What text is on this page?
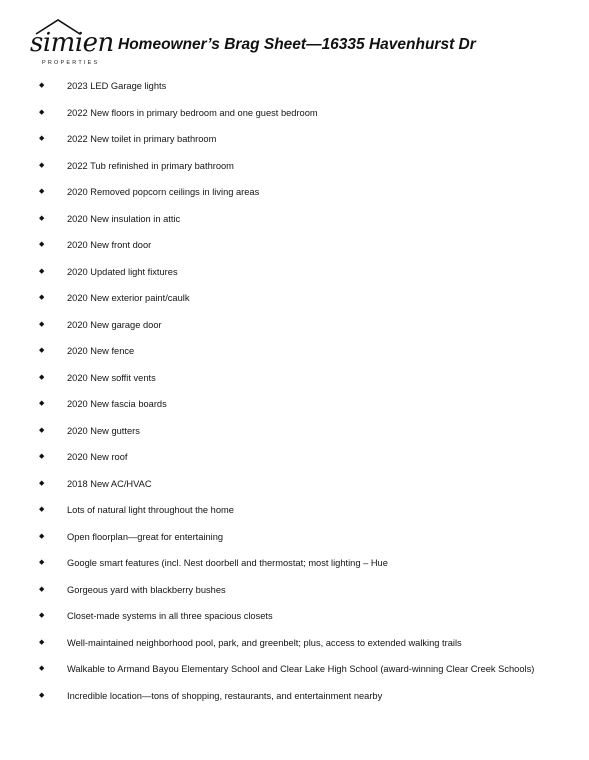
simien
PROPERTIES
Homeowner’s Brag Sheet—16335 Havenhurst Dr
◆	2023 LED Garage lights
◆	2022 New floors in primary bedroom and one guest bedroom
◆	2022 New toilet in primary bathroom
◆	2022 Tub refinished in primary bathroom
◆	2020 Removed popcorn ceilings in living areas
◆	2020 New insulation in attic
◆	2020 New front door
◆	2020 Updated light fixtures
◆	2020 New exterior paint/caulk
◆	2020 New garage door
◆	2020 New fence
◆	2020 New soffit vents
◆	2020 New fascia boards
◆	2020 New gutters
◆	2020 New roof
◆	2018 New AC/HVAC
◆	Lots of natural light throughout the home
◆	Open floorplan—great for entertaining
◆	Google smart features (incl. Nest doorbell and thermostat; most lighting – Hue
◆	Gorgeous yard with blackberry bushes
◆	Closet-made systems in all three spacious closets
◆	Well-maintained neighborhood pool, park, and greenbelt; plus, access to extended walking trails
◆	Walkable to Armand Bayou Elementary School and Clear Lake High School (award-winning Clear Creek Schools)
◆	Incredible location—tons of shopping, restaurants, and entertainment nearby
